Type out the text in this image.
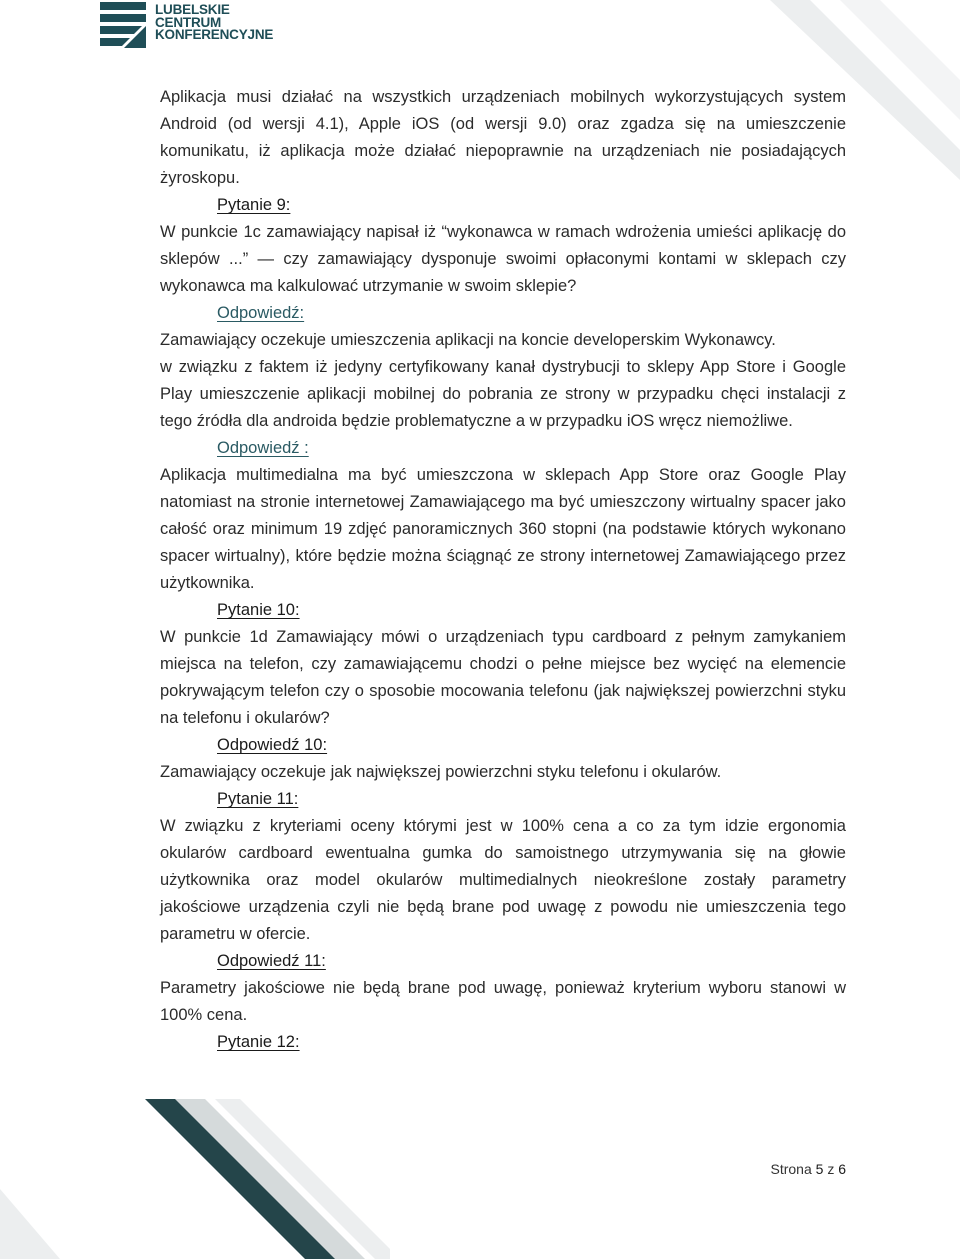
LUBELSKIE
CENTRUM
KONFERENCYJNE

Aplikacja musi działać na wszystkich urządzeniach mobilnych wykorzystujących system Android (od wersji 4.1), Apple iOS (od wersji 9.0) oraz zgadza się na umieszczenie komunikatu, iż aplikacja może działać niepoprawnie na urządzeniach nie posiadających żyroskopu.

Pytanie 9:

W punkcie 1c zamawiający napisał iż “wykonawca w ramach wdrożenia umieści aplikację do sklepów ...” — czy zamawiający dysponuje swoimi opłaconymi kontami w sklepach czy wykonawca ma kalkulować utrzymanie w swoim sklepie?

Odpowiedź:

Zamawiający oczekuje umieszczenia aplikacji na koncie developerskim Wykonawcy.

w związku z faktem iż jedyny certyfikowany kanał dystrybucji to sklepy App Store i Google Play umieszczenie aplikacji mobilnej do pobrania ze strony w przypadku chęci instalacji z tego źródła dla androida będzie problematyczne a w przypadku iOS wręcz niemożliwe.

Odpowiedź :

Aplikacja multimedialna ma być umieszczona w sklepach App Store oraz Google Play natomiast na stronie internetowej Zamawiającego ma być umieszczony wirtualny spacer jako całość oraz minimum 19 zdjęć panoramicznych 360 stopni (na podstawie których wykonano spacer wirtualny), które będzie można ściągnąć ze strony internetowej Zamawiającego przez użytkownika.

Pytanie 10:

W punkcie 1d Zamawiający mówi o urządzeniach typu cardboard z pełnym zamykaniem miejsca na telefon, czy zamawiającemu chodzi o pełne miejsce bez wycięć na elemencie pokrywającym telefon czy o sposobie mocowania telefonu (jak największej powierzchni styku na telefonu i okularów?

Odpowiedź 10:

Zamawiający oczekuje jak największej powierzchni styku telefonu i okularów.

Pytanie 11:

W związku z kryteriami oceny którymi jest w 100% cena a co za tym idzie ergonomia okularów cardboard ewentualna gumka do samoistnego utrzymywania się na głowie użytkownika oraz model okularów multimedialnych nieokreślone zostały parametry jakościowe urządzenia czyli nie będą brane pod uwagę z powodu nie umieszczenia tego parametru w ofercie.

Odpowiedź 11:

Parametry jakościowe nie będą brane pod uwagę, ponieważ kryterium wyboru stanowi w 100% cena.

Pytanie 12:
Strona 5 z 6
